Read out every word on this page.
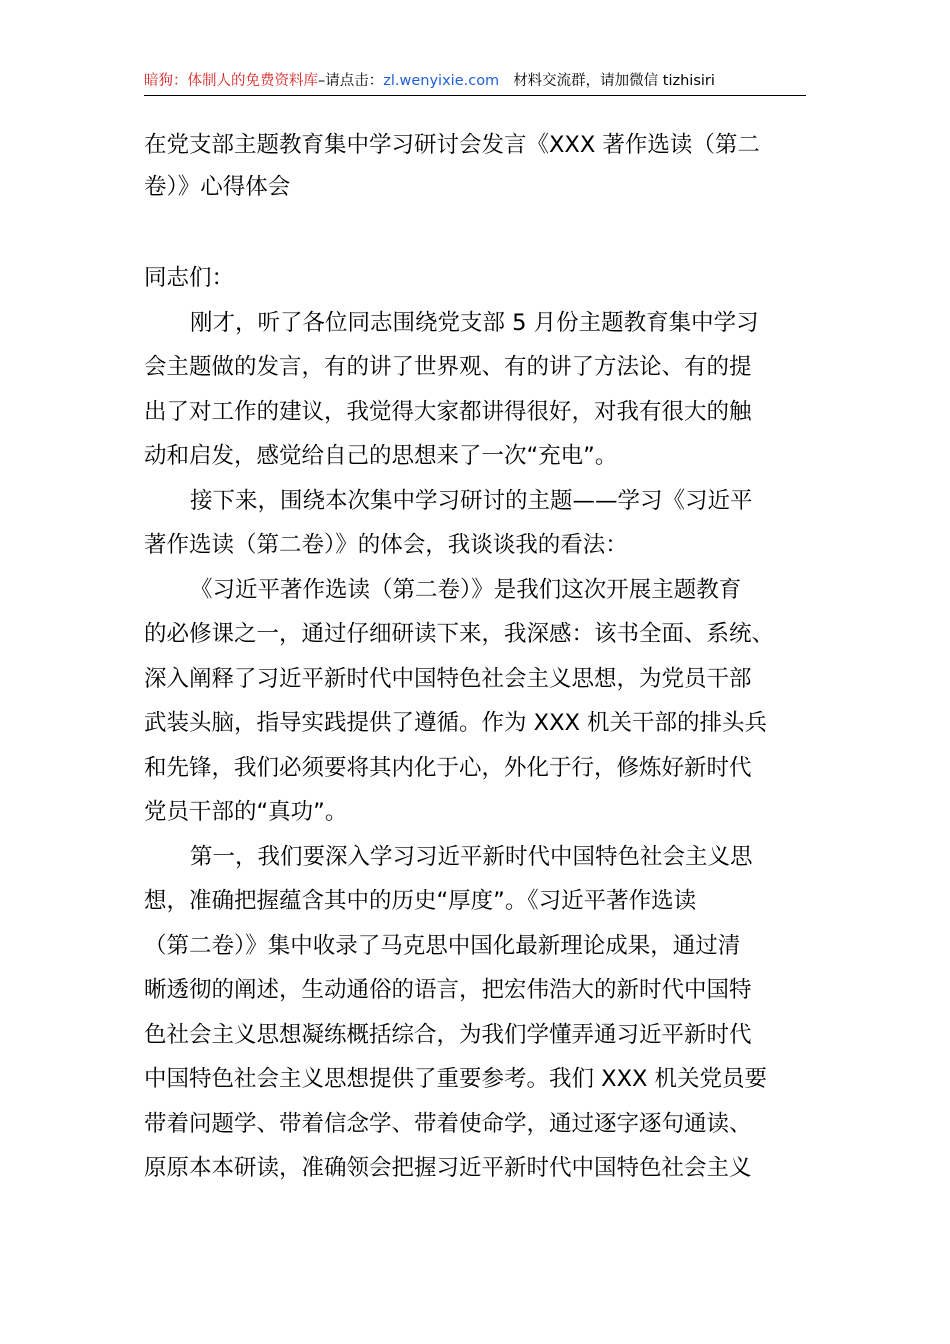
暗狗：体制人的免费资料库–请点击：zl.wenyixie.com 材料交流群，请加微信 tizhisiri
在党支部主题教育集中学习研讨会发言《XXX 著作选读（第二
卷）》心得体会
同志们：
刚才，听了各位同志围绕党支部 5 月份主题教育集中学习
会主题做的发言，有的讲了世界观、有的讲了方法论、有的提
出了对工作的建议，我觉得大家都讲得很好，对我有很大的触
动和启发，感觉给自己的思想来了一次“充电”。
接下来，围绕本次集中学习研讨的主题——学习《习近平
著作选读（第二卷）》的体会，我谈谈我的看法：
《习近平著作选读（第二卷）》是我们这次开展主题教育
的必修课之一，通过仔细研读下来，我深感：该书全面、系统、
深入阐释了习近平新时代中国特色社会主义思想，为党员干部
武装头脑，指导实践提供了遵循。作为 XXX 机关干部的排头兵
和先锋，我们必须要将其内化于心，外化于行，修炼好新时代
党员干部的“真功”。
第一，我们要深入学习习近平新时代中国特色社会主义思
想，准确把握蕴含其中的历史“厚度”。《习近平著作选读
（第二卷）》集中收录了马克思中国化最新理论成果，通过清
晰透彻的阐述，生动通俗的语言，把宏伟浩大的新时代中国特
色社会主义思想凝练概括综合，为我们学懂弄通习近平新时代
中国特色社会主义思想提供了重要参考。我们 XXX 机关党员要
带着问题学、带着信念学、带着使命学，通过逐字逐句通读、
原原本本研读，准确领会把握习近平新时代中国特色社会主义
